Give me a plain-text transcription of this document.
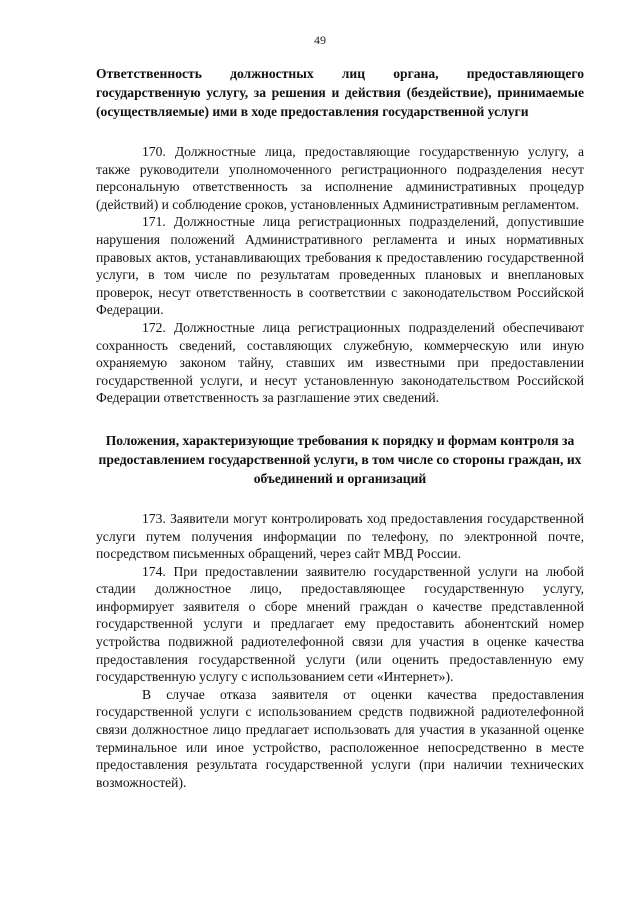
49

Ответственность должностных лиц органа, предоставляющего государственную услугу, за решения и действия (бездействие), принимаемые (осуществляемые) ими в ходе предоставления государственной услуги

170. Должностные лица, предоставляющие государственную услугу, а также руководители уполномоченного регистрационного подразделения несут персональную ответственность за исполнение административных процедур (действий) и соблюдение сроков, установленных Административным регламентом.

171. Должностные лица регистрационных подразделений, допустившие нарушения положений Административного регламента и иных нормативных правовых актов, устанавливающих требования к предоставлению государственной услуги, в том числе по результатам проведенных плановых и внеплановых проверок, несут ответственность в соответствии с законодательством Российской Федерации.

172. Должностные лица регистрационных подразделений обеспечивают сохранность сведений, составляющих служебную, коммерческую или иную охраняемую законом тайну, ставших им известными при предоставлении государственной услуги, и несут установленную законодательством Российской Федерации ответственность за разглашение этих сведений.

Положения, характеризующие требования к порядку и формам контроля за предоставлением государственной услуги, в том числе со стороны граждан, их объединений и организаций

173. Заявители могут контролировать ход предоставления государственной услуги путем получения информации по телефону, по электронной почте, посредством письменных обращений, через сайт МВД России.

174. При предоставлении заявителю государственной услуги на любой стадии должностное лицо, предоставляющее государственную услугу, информирует заявителя о сборе мнений граждан о качестве представленной государственной услуги и предлагает ему предоставить абонентский номер устройства подвижной радиотелефонной связи для участия в оценке качества предоставления государственной услуги (или оценить предоставленную ему государственную услугу с использованием сети «Интернет»).

В случае отказа заявителя от оценки качества предоставления государственной услуги с использованием средств подвижной радиотелефонной связи должностное лицо предлагает использовать для участия в указанной оценке терминальное или иное устройство, расположенное непосредственно в месте предоставления результата государственной услуги (при наличии технических возможностей).
